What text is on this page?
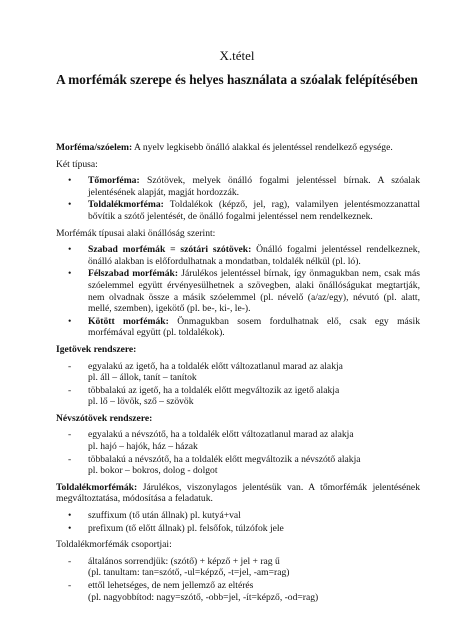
X.tétel
A morfémák szerepe és helyes használata a szóalak felépítésében

Morféma/szóelem: A nyelv legkisebb önálló alakkal és jelentéssel rendelkező egysége.

Két típusa:

• Tőmorféma: Szótövek, melyek önálló fogalmi jelentéssel bírnak. A szóalak jelentésének alapját, magját hordozzák.
• Toldalékmorféma: Toldalékok (képző, jel, rag), valamilyen jelentésmozzanattal bővítik a szótő jelentését, de önálló fogalmi jelentéssel nem rendelkeznek.

Morfémák típusai alaki önállóság szerint:

• Szabad morfémák = szótári szótövek: Önálló fogalmi jelentéssel rendelkeznek, önálló alakban is előfordulhatnak a mondatban, toldalék nélkül (pl. ló).
• Félszabad morfémák: Járulékos jelentéssel bírnak, így önmagukban nem, csak más szóelemmel együtt érvényesülhetnek a szövegben, alaki önállóságukat megtartják, nem olvadnak össze a másik szóelemmel (pl. névelő (a/az/egy), névutó (pl. alatt, mellé, szemben), igekötő (pl. be-, ki-, le-).
• Kötött morfémák: Önmagukban sosem fordulhatnak elő, csak egy másik morfémával együtt (pl. toldalékok).

Igetövek rendszere:

- egyalakú az igető, ha a toldalék előtt változatlanul marad az alakja
pl. áll – állok, tanít – tanítok
- többalakú az igető, ha a toldalék előtt megváltozik az igető alakja
pl. lő – lövök, sző – szövök

Névszótövek rendszere:

- egyalakú a névszótő, ha a toldalék előtt változatlanul marad az alakja
pl. hajó – hajók, ház – házak
- többalakú a névszótő, ha a toldalék előtt megváltozik a névszótő alakja
pl. bokor – bokros, dolog - dolgot

Toldalékmorfémák: Járulékos, viszonylagos jelentésük van. A tőmorfémák jelentésének megváltoztatása, módosítása a feladatuk.

• szuffixum (tő után állnak) pl. kutyá+val
• prefixum (tő előtt állnak) pl. felsőfok, túlzófok jele

Toldalékmorfémák csoportjai:

- általános sorrendjük: (szótő) + képző + jel + rag ű
(pl. tanultam: tan=szótő, -ul=képző, -t=jel, -am=rag)
- ettől lehetséges, de nem jellemző az eltérés
(pl. nagyobbítod: nagy=szótő, -obb=jel, -ít=képző, -od=rag)
